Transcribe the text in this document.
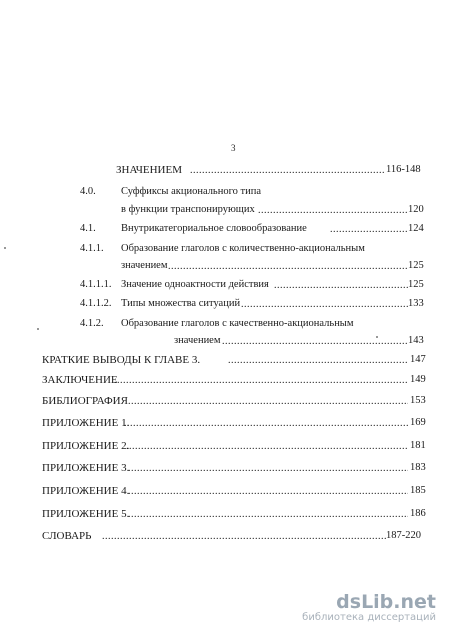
3
ЗНАЧЕНИЕМ .....	116-148
4.0. Суффиксы акционального типа
в функции транспонирующих .....	120
4.1. Внутрикатегориальное словообразование .....	124
4.1.1. Образование глаголов с количественно-акциональным
значением .....	125
4.1.1.1. Значение одноактности действия .....	125
4.1.1.2. Типы множества ситуаций .....	133
4.1.2. Образование глаголов с качественно-акциональным
значением .....	143
КРАТКИЕ ВЫВОДЫ К ГЛАВЕ 3. .....	147
ЗАКЛЮЧЕНИЕ .....	149
БИБЛИОГРАФИЯ .....	153
ПРИЛОЖЕНИЕ 1. .....	169
ПРИЛОЖЕНИЕ 2. .....	181
ПРИЛОЖЕНИЕ 3. .....	183
ПРИЛОЖЕНИЕ 4. .....	185
ПРИЛОЖЕНИЕ 5. .....	186
СЛОВАРЬ .....	187-220
dsLib.net
библиотека диссертаций
